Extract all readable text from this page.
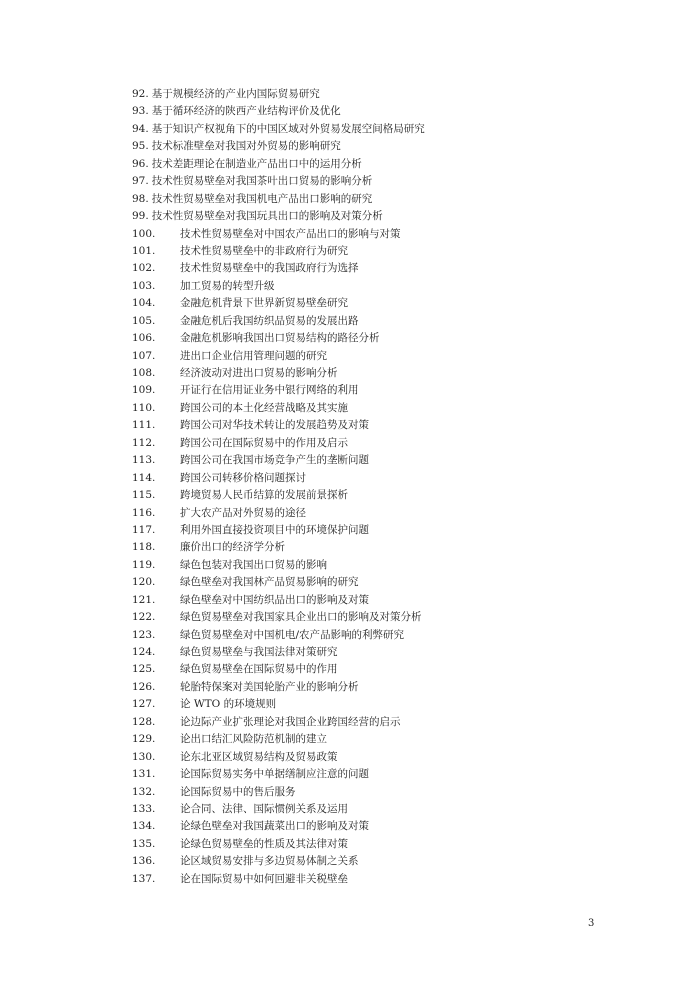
92. 基于规模经济的产业内国际贸易研究
93. 基于循环经济的陕西产业结构评价及优化
94. 基于知识产权视角下的中国区域对外贸易发展空间格局研究
95. 技术标准壁垒对我国对外贸易的影响研究
96. 技术差距理论在制造业产品出口中的运用分析
97. 技术性贸易壁垒对我国茶叶出口贸易的影响分析
98. 技术性贸易壁垒对我国机电产品出口影响的研究
99. 技术性贸易壁垒对我国玩具出口的影响及对策分析
100. 技术性贸易壁垒对中国农产品出口的影响与对策
101. 技术性贸易壁垒中的非政府行为研究
102. 技术性贸易壁垒中的我国政府行为选择
103. 加工贸易的转型升级
104. 金融危机背景下世界新贸易壁垒研究
105. 金融危机后我国纺织品贸易的发展出路
106. 金融危机影响我国出口贸易结构的路径分析
107. 进出口企业信用管理问题的研究
108. 经济波动对进出口贸易的影响分析
109. 开证行在信用证业务中银行网络的利用
110. 跨国公司的本土化经营战略及其实施
111. 跨国公司对华技术转让的发展趋势及对策
112. 跨国公司在国际贸易中的作用及启示
113. 跨国公司在我国市场竞争产生的垄断问题
114. 跨国公司转移价格问题探讨
115. 跨境贸易人民币结算的发展前景探析
116. 扩大农产品对外贸易的途径
117. 利用外国直接投资项目中的环境保护问题
118. 廉价出口的经济学分析
119. 绿色包装对我国出口贸易的影响
120. 绿色壁垒对我国林产品贸易影响的研究
121. 绿色壁垒对中国纺织品出口的影响及对策
122. 绿色贸易壁垒对我国家具企业出口的影响及对策分析
123. 绿色贸易壁垒对中国机电/农产品影响的利弊研究
124. 绿色贸易壁垒与我国法律对策研究
125. 绿色贸易壁垒在国际贸易中的作用
126. 轮胎特保案对美国轮胎产业的影响分析
127. 论 WTO 的环境规则
128. 论边际产业扩张理论对我国企业跨国经营的启示
129. 论出口结汇风险防范机制的建立
130. 论东北亚区域贸易结构及贸易政策
131. 论国际贸易实务中单据缮制应注意的问题
132. 论国际贸易中的售后服务
133. 论合同、法律、国际惯例关系及运用
134. 论绿色壁垒对我国蔬菜出口的影响及对策
135. 论绿色贸易壁垒的性质及其法律对策
136. 论区域贸易安排与多边贸易体制之关系
137. 论在国际贸易中如何回避非关税壁垒
3
